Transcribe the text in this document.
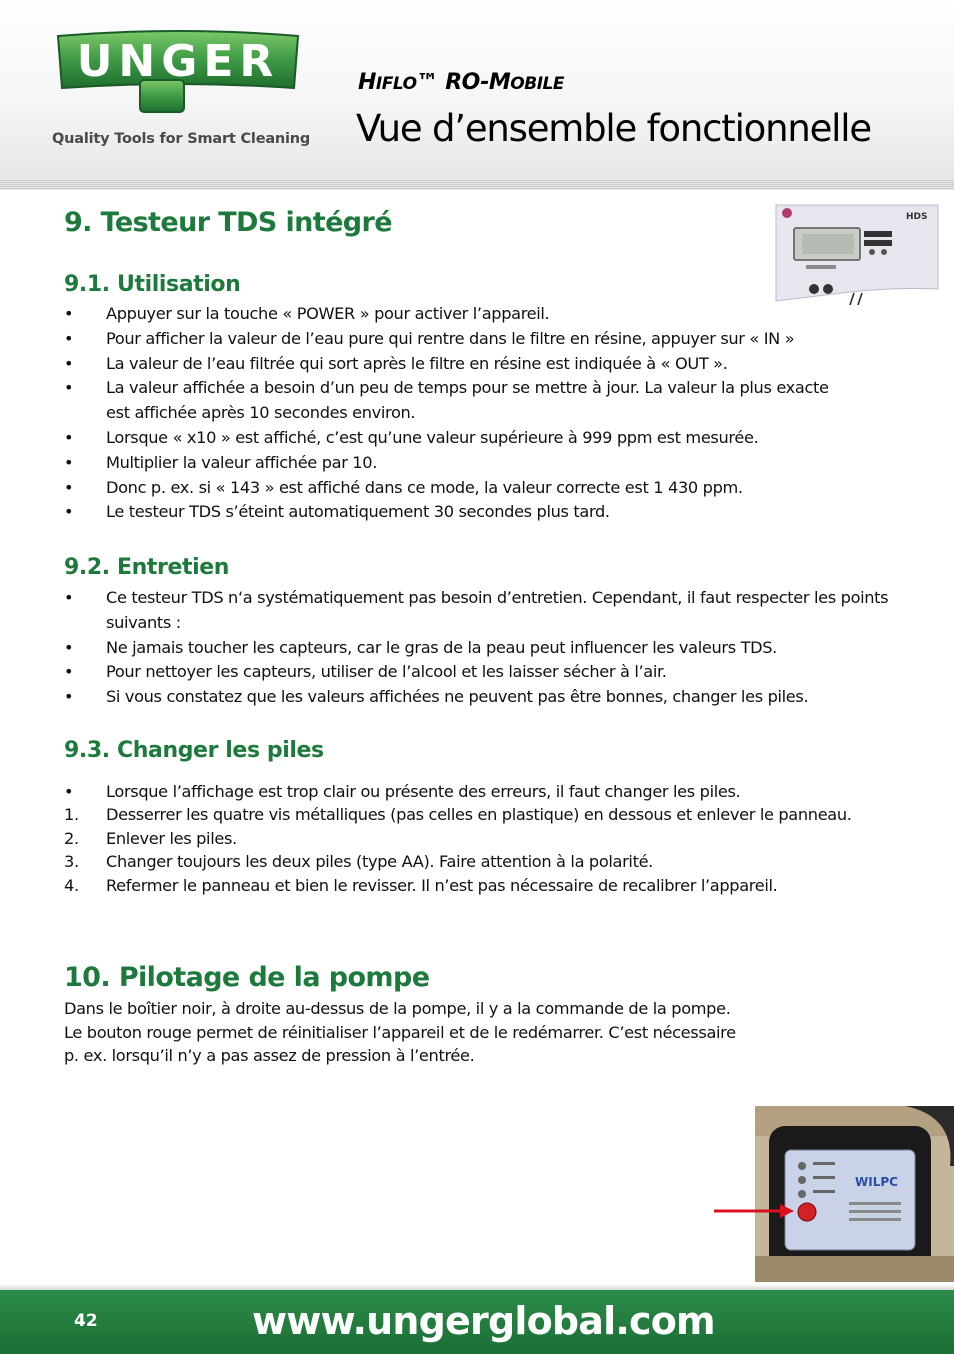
UNGER
Quality Tools for Smart Cleaning
HIFLO™ RO-MOBILE
Vue d’ensemble fonctionnelle
9. Testeur TDS intégré	HDS
9.1. Utilisation
•	Appuyer sur la touche « POWER » pour activer l’appareil.
•	Pour afficher la valeur de l’eau pure qui rentre dans le filtre en résine, appuyer sur « IN »
•	La valeur de l’eau filtrée qui sort après le filtre en résine est indiquée à « OUT ».
•	La valeur affichée a besoin d’un peu de temps pour se mettre à jour. La valeur la plus exacte est affichée après 10 secondes environ.
•	Lorsque « x10 » est affiché, c’est qu’une valeur supérieure à 999 ppm est mesurée.
•	Multiplier la valeur affichée par 10.
•	Donc p. ex. si « 143 » est affiché dans ce mode, la valeur correcte est 1 430 ppm.
•	Le testeur TDS s’éteint automatiquement 30 secondes plus tard.
9.2. Entretien
•	Ce testeur TDS n‘a systématiquement pas besoin d’entretien. Cependant, il faut respecter les points suivants :
•	Ne jamais toucher les capteurs, car le gras de la peau peut influencer les valeurs TDS.
•	Pour nettoyer les capteurs, utiliser de l’alcool et les laisser sécher à l’air.
•	Si vous constatez que les valeurs affichées ne peuvent pas être bonnes, changer les piles.
9.3. Changer les piles
•	Lorsque l’affichage est trop clair ou présente des erreurs, il faut changer les piles.
1.	Desserrer les quatre vis métalliques (pas celles en plastique) en dessous et enlever le panneau.
2.	Enlever les piles.
3.	Changer toujours les deux piles (type AA). Faire attention à la polarité.
4.	Refermer le panneau et bien le revisser. Il n’est pas nécessaire de recalibrer l’appareil.
10. Pilotage de la pompe
Dans le boîtier noir, à droite au-dessus de la pompe, il y a la commande de la pompe.
Le bouton rouge permet de réinitialiser l’appareil et de le redémarrer. C’est nécessaire
p. ex. lorsqu’il n’y a pas assez de pression à l’entrée.
WILPC
42	www.ungerglobal.com
